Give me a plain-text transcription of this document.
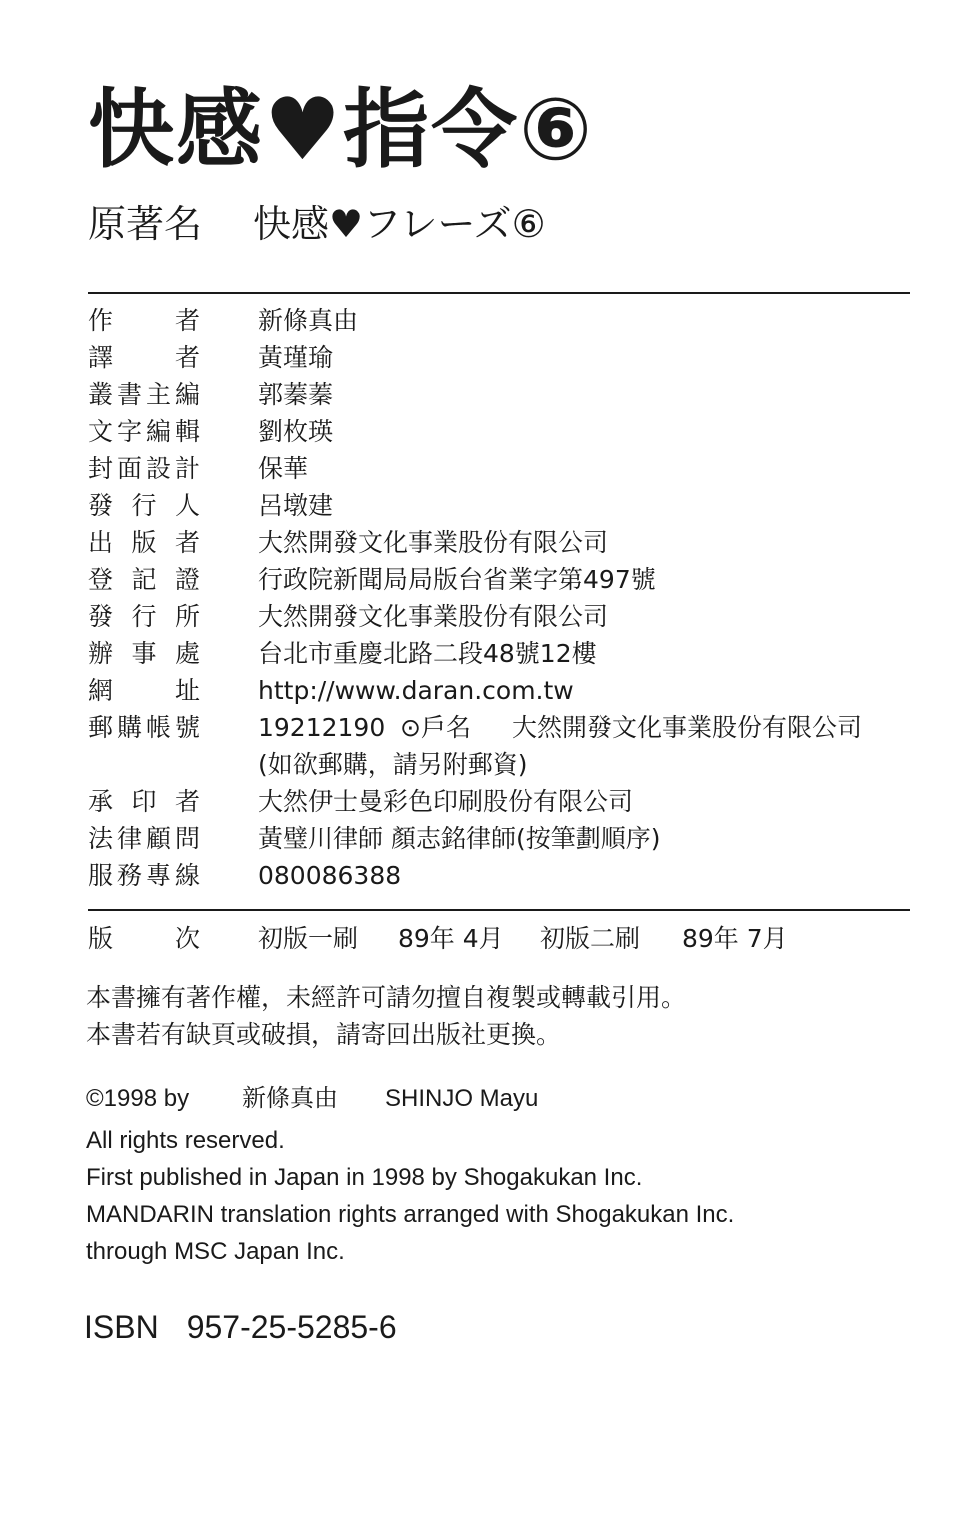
快感♥指令⑥
原著名 快感♥フレーズ⑥
作 者 新條真由
譯 者 黃瑾瑜
叢 書 主 編 郭蓁蓁
文 字 編 輯 劉枚瑛
封 面 設 計 保華
發 行 人 呂墩建
出 版 者 大然開發文化事業股份有限公司
登 記 證 行政院新聞局局版台省業字第497號
發 行 所 大然開發文化事業股份有限公司
辦 事 處 台北市重慶北路二段48號12樓
網 址 http://www.daran.com.tw
郵 購 帳 號 19212190 ⊙戶名 大然開發文化事業股份有限公司
(如欲郵購，請另附郵資)
承 印 者 大然伊士曼彩色印刷股份有限公司
法 律 顧 問 黃璧川律師 顏志銘律師(按筆劃順序)
服 務 專 線 080086388
版 次 初版一刷 89年 4月 初版二刷 89年 7月
本書擁有著作權，未經許可請勿擅自複製或轉載引用。
本書若有缺頁或破損，請寄回出版社更換。
©1998 by 新條真由 SHINJO Mayu
All rights reserved.
First published in Japan in 1998 by Shogakukan Inc.
MANDARIN translation rights arranged with Shogakukan Inc.
through MSC Japan Inc.
ISBN 957-25-5285-6
